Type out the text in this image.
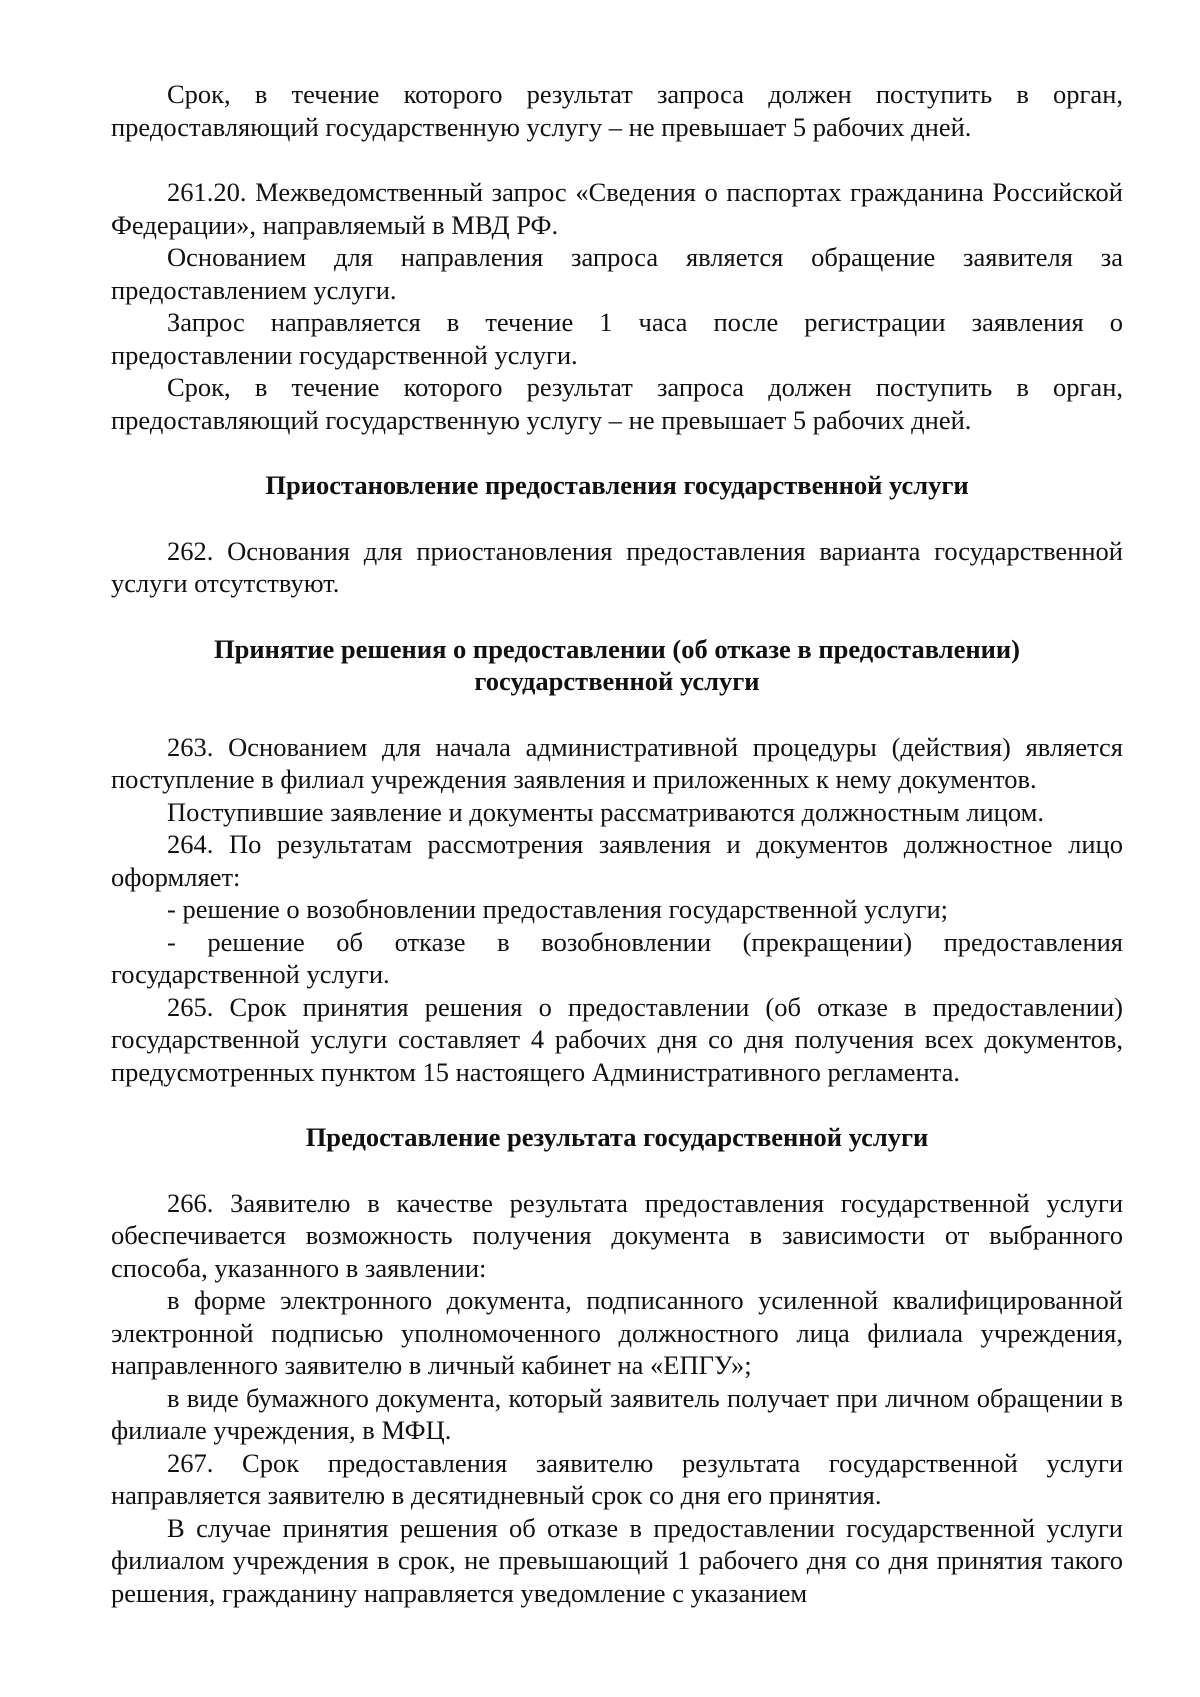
Срок, в течение которого результат запроса должен поступить в орган, предоставляющий государственную услугу – не превышает 5 рабочих дней.

261.20. Межведомственный запрос «Сведения о паспортах гражданина Российской Федерации», направляемый в МВД РФ.

Основанием для направления запроса является обращение заявителя за предоставлением услуги.

Запрос направляется в течение 1 часа после регистрации заявления о предоставлении государственной услуги.

Срок, в течение которого результат запроса должен поступить в орган, предоставляющий государственную услугу – не превышает 5 рабочих дней.

Приостановление предоставления государственной услуги

262. Основания для приостановления предоставления варианта государственной услуги отсутствуют.

Принятие решения о предоставлении (об отказе в предоставлении)

государственной услуги

263. Основанием для начала административной процедуры (действия) является поступление в филиал учреждения заявления и приложенных к нему документов.

Поступившие заявление и документы рассматриваются должностным лицом.

264. По результатам рассмотрения заявления и документов должностное лицо оформляет:

- решение о возобновлении предоставления государственной услуги;

- решение об отказе в возобновлении (прекращении) предоставления государственной услуги.

265. Срок принятия решения о предоставлении (об отказе в предоставлении) государственной услуги составляет 4 рабочих дня со дня получения всех документов, предусмотренных пунктом 15 настоящего Административного регламента.

Предоставление результата государственной услуги

266. Заявителю в качестве результата предоставления государственной услуги обеспечивается возможность получения документа в зависимости от выбранного способа, указанного в заявлении:

в форме электронного документа, подписанного усиленной квалифицированной электронной подписью уполномоченного должностного лица филиала учреждения, направленного заявителю в личный кабинет на «ЕПГУ»;

в виде бумажного документа, который заявитель получает при личном обращении в филиале учреждения, в МФЦ.

267. Срок предоставления заявителю результата государственной услуги направляется заявителю в десятидневный срок со дня его принятия.

В случае принятия решения об отказе в предоставлении государственной услуги филиалом учреждения в срок, не превышающий 1 рабочего дня со дня принятия такого решения, гражданину направляется уведомление с указанием
